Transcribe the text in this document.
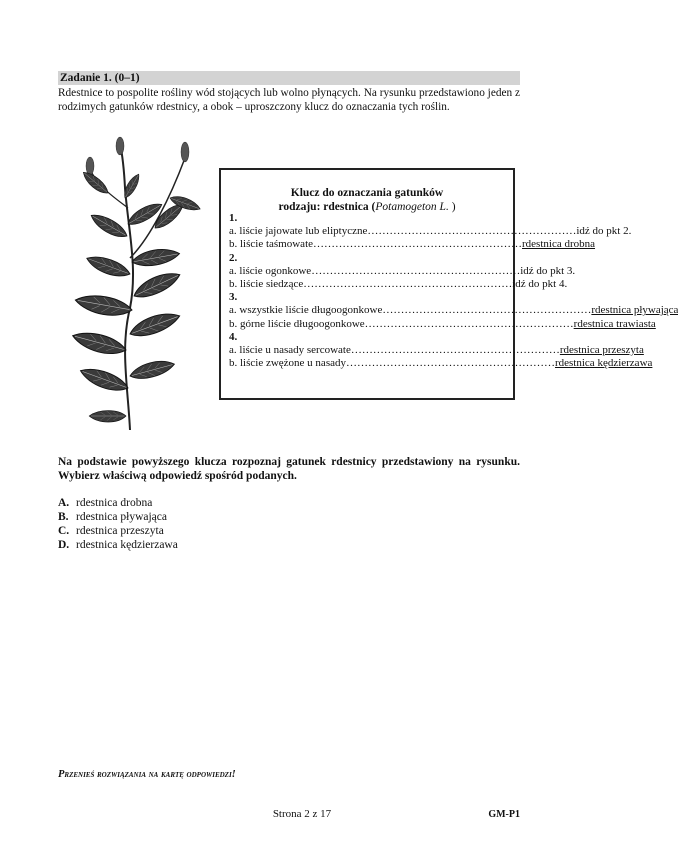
Zadanie 1. (0–1)
Rdestnice to pospolite rośliny wód stojących lub wolno płynących. Na rysunku przedstawiono jeden z rodzimych gatunków rdestnicy, a obok – uproszczony klucz do oznaczania tych roślin.
Klucz do oznaczania gatunków
rodzaju: rdestnica (Potamogeton L. )
1.
a. liście jajowate lub eliptyczne ………………………………………………… idź do pkt 2.
b. liście taśmowate ………………………………………………… rdestnica drobna
2.
a. liście ogonkowe ………………………………………………… idź do pkt 3.
b. liście siedzące ………………………………………………… idź do pkt 4.
3.
a. wszystkie liście długoogonkowe ………………………………………………… rdestnica pływająca
b. górne liście długoogonkowe ………………………………………………… rdestnica trawiasta
4.
a. liście u nasady sercowate ………………………………………………… rdestnica przeszyta
b. liście zwężone u nasady ………………………………………………… rdestnica kędzierzawa
Na podstawie powyższego klucza rozpoznaj gatunek rdestnicy przedstawiony na rysunku. Wybierz właściwą odpowiedź spośród podanych.
A. rdestnica drobna
B. rdestnica pływająca
C. rdestnica przeszyta
D. rdestnica kędzierzawa
Przenieś rozwiązania na kartę odpowiedzi!
Strona 2 z 17	GM-P1
